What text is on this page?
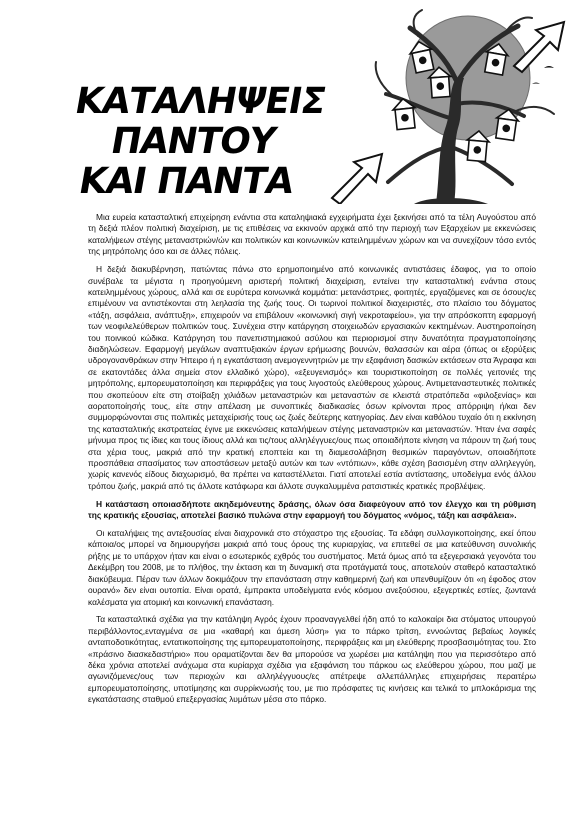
ΚΑΤΑΛΗΨΕΙΣ ΠΑΝΤΟΥ
ΚΑΙ ΠΑΝΤΑ

Μια ευρεία κατασταλτική επιχείρηση ενάντια στα καταληψιακά εγχειρήματα έχει ξεκινήσει από τα τέλη Αυγούστου από τη δεξιά πλέον πολιτική διαχείριση, με τις επιθέσεις να εκκινούν αρχικά από την περιοχή των Εξαρχείων με εκκενώσεις καταλήψεων στέγης μεταναστριών/ών και πολιτικών και κοινωνικών κατειλημμένων χώρων και να συνεχίζουν τόσο εντός της μητρόπολης όσο και σε άλλες πόλεις.

Η δεξιά διακυβέρνηση, πατώντας πάνω στο ερημοποιημένο από κοινωνικές αντιστάσεις έδαφος, για το οποίο συνέβαλε τα μέγιστα η προηγούμενη αριστερή πολιτική διαχείριση, εντείνει την κατασταλτική ενάντια στους κατειλημμένους χώρους, αλλά και σε ευρύτερα κοινωνικά κομμάτια: μετανάστριες, φοιτητές, εργαζόμενες και σε όσους/ες επιμένουν να αντιστέκονται στη λεηλασία της ζωής τους. Οι τωρινοί πολιτικοί διαχειριστές, στο πλαίσιο του δόγματος «τάξη, ασφάλεια, ανάπτυξη», επιχειρούν να επιβάλουν «κοινωνική σιγή νεκροταφείου», για την απρόσκοπτη εφαρμογή των νεοφιλελεύθερων πολιτικών τους. Συνέχεια στην κατάργηση στοιχειωδών εργασιακών κεκτημένων. Αυστηροποίηση του ποινικού κώδικα. Κατάργηση του πανεπιστημιακού ασύλου και περιορισμοί στην δυνατότητα πραγματοποίησης διαδηλώσεων. Εφαρμογή μεγάλων αναπτυξιακών έργων ερήμωσης βουνών, θαλασσών και αέρα (όπως οι εξορύξεις υδρογονανθράκων στην Ήπειρο ή η εγκατάσταση ανεμογεννητριών με την εξαφάνιση δασικών εκτάσεων στα Άγραφα και σε εκατοντάδες άλλα σημεία στον ελλαδικό χώρο), «εξευγενισμός» και τουριστικοποίηση σε πολλές γειτονιές της μητρόπολης, εμπορευματοποίηση και περιφράξεις για τους λιγοστούς ελεύθερους χώρους. Αντιμεταναστευτικές πολιτικές που σκοπεύουν είτε στη στοίβαξη χιλιάδων μεταναστριών και μεταναστών σε κλειστά στρατόπεδα «φιλοξενίας» και αορατοποίησής τους, είτε στην απέλαση με συνοπτικές διαδικασίες όσων κρίνονται προς απόρριψη ή/και δεν συμμορφώνονται στις πολιτικές μεταχείρισής τους ως ζωές δεύτερης κατηγορίας. Δεν είναι καθόλου τυχαίο ότι η εκκίνηση της κατασταλτικής εκστρατείας έγινε με εκκενώσεις καταλήψεων στέγης μεταναστριών και μεταναστών. Ήταν ένα σαφές μήνυμα προς τις ίδιες και τους ίδιους αλλά και τις/τους αλληλέγγυες/ους πως οποιαδήποτε κίνηση να πάρουν τη ζωή τους στα χέρια τους, μακριά από την κρατική εποπτεία και τη διαμεσολάβηση θεσμικών παραγόντων, οποιαδήποτε προσπάθεια σπασίματος των αποστάσεων μεταξύ αυτών και των «ντόπιων», κάθε σχέση βασισμένη στην αλληλεγγύη, χωρίς κανενός είδους διαχωρισμό, θα πρέπει να καταστέλλεται. Γιατί αποτελεί εστία αντίστασης, υποδείγμα ενός άλλου τρόπου ζωής, μακριά από τις άλλοτε κατάφωρα και άλλοτε συγκαλυμμένα ρατσιστικές κρατικές προβλέψεις.

Η κατάσταση οποιασδήποτε ακηδεμόνευτης δράσης, όλων όσα διαφεύγουν από τον έλεγχο και τη ρύθμιση της κρατικής εξουσίας, αποτελεί βασικό πυλώνα στην εφαρμογή του δόγματος «νόμος, τάξη και ασφάλεια».

Οι καταλήψεις της αντεξουσίας είναι διαχρονικά στο στόχαστρο της εξουσίας. Τα εδάφη συλλογικοποίησης, εκεί όπου κάποια/ος μπορεί να δημιουργήσει μακριά από τους όρους της κυριαρχίας, να επιτεθεί σε μια κατεύθυνση συνολικής ρήξης με το υπάρχον ήταν και είναι ο εσωτερικός εχθρός του συστήματος. Μετά όμως από τα εξεγερσιακά γεγονότα του Δεκέμβρη του 2008, με το πλήθος, την έκταση και τη δυναμική στα προτάγματά τους, αποτελούν σταθερό κατασταλτικό διακύβευμα. Πέραν των άλλων δοκιμάζουν την επανάσταση στην καθημερινή ζωή και υπενθυμίζουν ότι «η έφοδος στον ουρανό» δεν είναι ουτοπία. Είναι ορατά, έμπρακτα υποδείγματα ενός κόσμου ανεξούσιου, εξεγερτικές εστίες, ζωντανά καλέσματα για ατομική και κοινωνική επανάσταση.

Τα κατασταλτικά σχέδια για την κατάληψη Αγρός έχουν προαναγγελθεί ήδη από το καλοκαίρι δια στόματος υπουργού περιβάλλοντος,ενταγμένα σε μια «καθαρή και άμεση λύση» για το πάρκο τρίτση, εννοώντας βεβαίως λογικές ανταποδοτικότητας, εντατικοποίησης της εμπορευματοποίησης, περιφράξεις και μη ελεύθερης προσβασιμότητας του. Στο «πράσινο διασκεδαστήριο» που οραματίζονται δεν θα μπορούσε να χωρέσει μια κατάληψη που για περισσότερο από δέκα χρόνια αποτελεί ανάχωμα στα κυρίαρχα σχέδια για εξαφάνιση του πάρκου ως ελεύθερου χώρου, που μαζί με αγωνιζόμενες/ους των περιοχών και αλληλέγγυους/ες απέτρεψε αλλεπάλληλες επιχειρήσεις περαιτέρω εμπορευματοποίησης, υποτίμησης και συρρίκνωσής του, με πιο πρόσφατες τις κινήσεις και τελικά το μπλοκάρισμα της εγκατάστασης σταθμού επεξεργασίας λυμάτων μέσα στο πάρκο.
